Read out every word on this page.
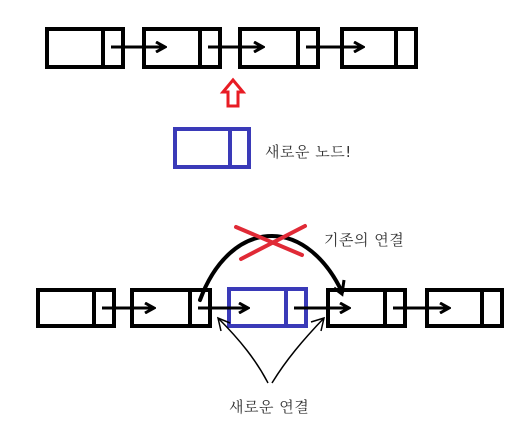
새로운 노드!
기존의 연결
새로운 연결
